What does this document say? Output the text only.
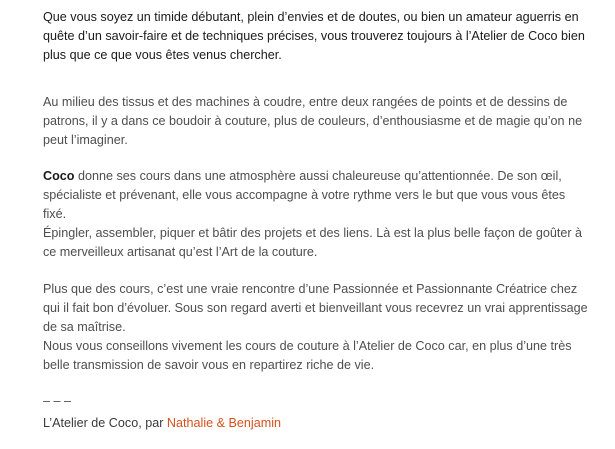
Que vous soyez un timide débutant, plein d’envies et de doutes, ou bien un amateur aguerris en quête d’un savoir-faire et de techniques précises, vous trouverez toujours à l’Atelier de Coco bien plus que ce que vous êtes venus chercher.

Au milieu des tissus et des machines à coudre, entre deux rangées de points et de dessins de patrons, il y a dans ce boudoir à couture, plus de couleurs, d’enthousiasme et de magie qu’on ne peut l’imaginer.

Coco donne ses cours dans une atmosphère aussi chaleureuse qu’attentionnée. De son œil, spécialiste et prévenant, elle vous accompagne à votre rythme vers le but que vous vous êtes fixé.
Épingler, assembler, piquer et bâtir des projets et des liens. Là est la plus belle façon de goûter à ce merveilleux artisanat qu’est l’Art de la couture.

Plus que des cours, c’est une vraie rencontre d’une Passionnée et Passionnante Créatrice chez qui il fait bon d’évoluer. Sous son regard averti et bienveillant vous recevrez un vrai apprentissage de sa maîtrise.
Nous vous conseillons vivement les cours de couture à l’Atelier de Coco car, en plus d’une très belle transmission de savoir vous en repartirez riche de vie.

– – –
L’Atelier de Coco, par Nathalie & Benjamin
